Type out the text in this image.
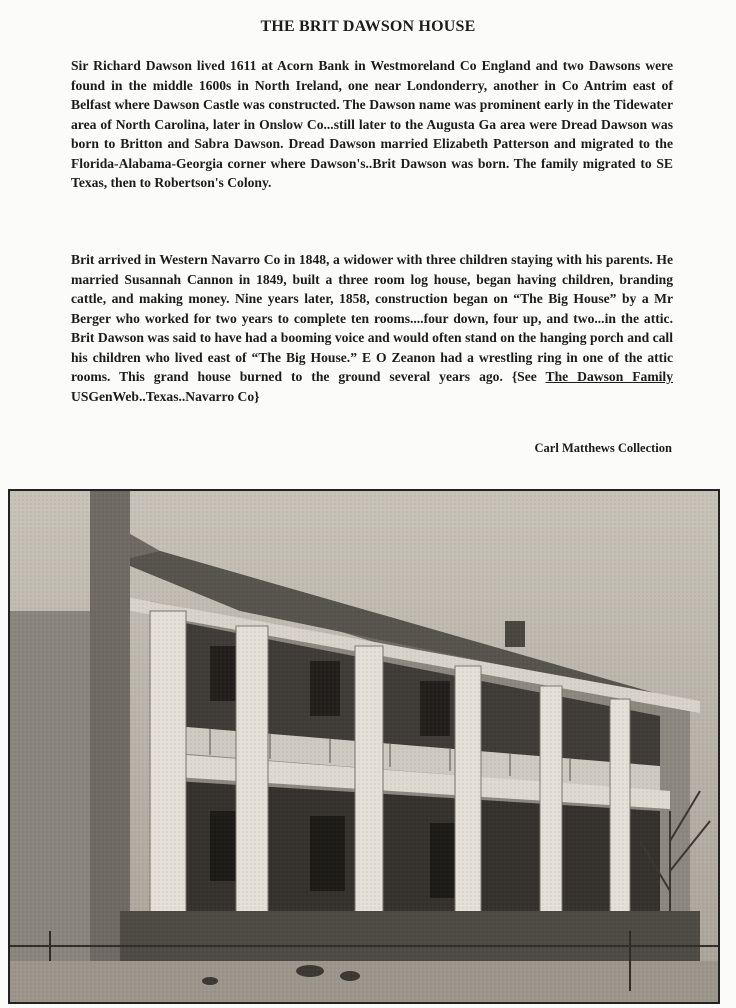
THE BRIT DAWSON HOUSE

Sir Richard Dawson lived 1611 at Acorn Bank in Westmoreland Co England and two Dawsons were found in the middle 1600s in North Ireland, one near Londonderry, another in Co Antrim east of Belfast where Dawson Castle was constructed. The Dawson name was prominent early in the Tidewater area of North Carolina, later in Onslow Co...still later to the Augusta Ga area were Dread Dawson was born to Britton and Sabra Dawson. Dread Dawson married Elizabeth Patterson and migrated to the Florida-Alabama-Georgia corner where Dawson's..Brit Dawson was born. The family migrated to SE Texas, then to Robertson's Colony.

Brit arrived in Western Navarro Co in 1848, a widower with three children staying with his parents. He married Susannah Cannon in 1849, built a three room log house, began having children, branding cattle, and making money. Nine years later, 1858, construction began on “The Big House” by a Mr Berger who worked for two years to complete ten rooms....four down, four up, and two...in the attic. Brit Dawson was said to have had a booming voice and would often stand on the hanging porch and call his children who lived east of “The Big House.” E O Zeanon had a wrestling ring in one of the attic rooms. This grand house burned to the ground several years ago. {See The Dawson Family USGenWeb..Texas..Navarro Co}

Carl Matthews Collection
